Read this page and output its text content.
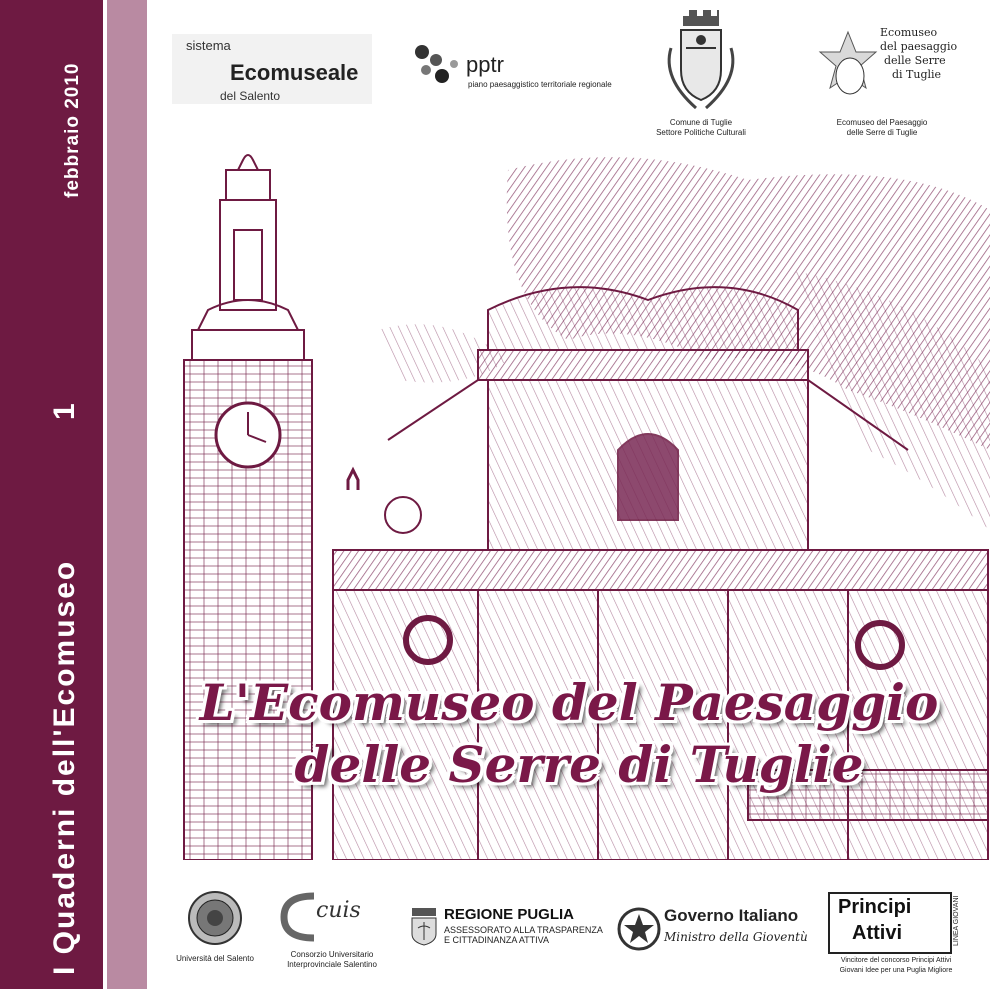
febbraio 2010
I Quaderni dell'Ecomuseo
1
sistema
Ecomuseale
del Salento
pptr
piano paesaggistico territoriale regionale
Comune di Tuglie
Settore Politiche Culturali
Ecomuseo
del paesaggio
delle Serre
di Tuglie
Ecomuseo del Paesaggio
delle Serre di Tuglie
L'Ecomuseo del Paesaggio
delle Serre di Tuglie
Università del Salento
cuis
Consorzio Universitario
Interprovinciale Salentino
REGIONE PUGLIA
ASSESSORATO ALLA TRASPARENZA
E CITTADINANZA ATTIVA
Governo Italiano
Ministro della Gioventù
Principi
Attivi	LINEA GIOVANI
Vincitore del concorso Principi Attivi
Giovani Idee per una Puglia Migliore
